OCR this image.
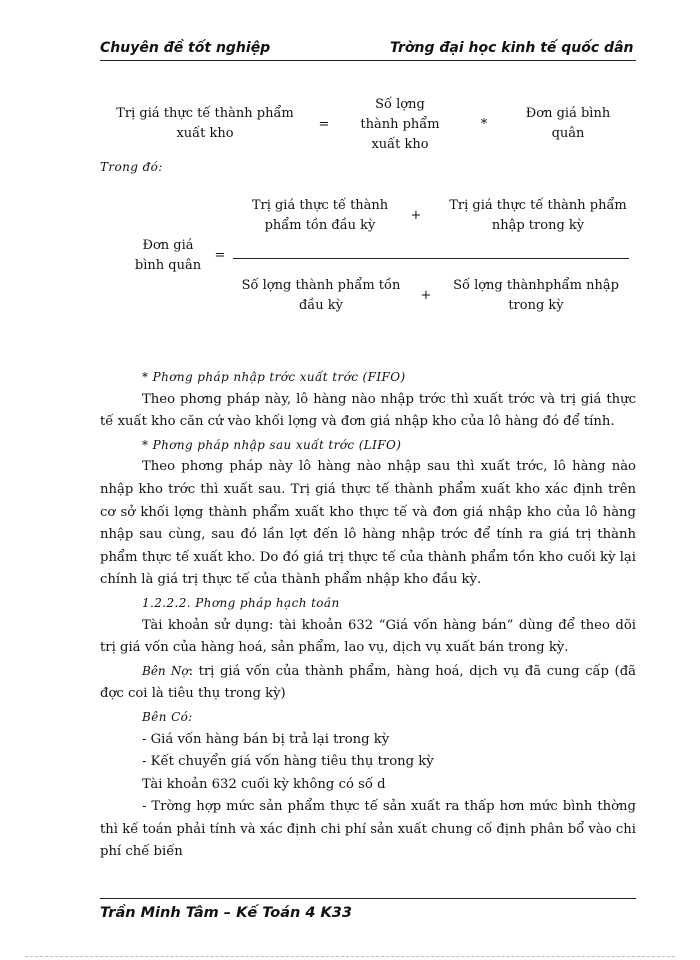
Chuyên đề tốt nghiệp	Trờng đại học kinh tế quốc dân
Trị giá thực tế thành phẩm
xuất kho
=
Số lợng
thành phẩm
xuất kho
*
Đơn giá bình
quân
Trong đó:
Đơn giá
bình quân
=
Trị giá thực tế thành
phẩm tồn đầu kỳ
+
Trị giá thực tế thành phẩm
nhập trong kỳ
Số lợng thành phẩm tồn
đầu kỳ
+
Số lợng thànhphẩm nhập
trong kỳ

* Phơng pháp nhập trớc xuất trớc (FIFO)

Theo phơng pháp này, lô hàng nào nhập trớc thì xuất trớc và trị giá thực tế xuất kho căn cứ vào khối lợng và đơn giá nhập kho của lô hàng đó để tính.

* Phơng pháp nhập sau xuất trớc (LIFO)

Theo phơng pháp này lô hàng nào nhập sau thì xuất trớc, lô hàng nào nhập kho trớc thì xuất sau. Trị giá thực tế thành phẩm xuất kho xác định trên cơ sở khối lợng thành phẩm xuất kho thực tế và đơn giá nhập kho của lô hàng nhập sau cùng, sau đó lần lợt đến lô hàng nhập trớc để tính ra giá trị thành phẩm thực tế xuất kho. Do đó giá trị thực tế của thành phẩm tồn kho cuối kỳ lại chính là giá trị thực tế của thành phẩm nhập kho đầu kỳ.

1.2.2.2. Phơng pháp hạch toán

Tài khoản sử dụng: tài khoản 632 “Giá vốn hàng bán” dùng để theo dõi trị giá vốn của hàng hoá, sản phẩm, lao vụ, dịch vụ xuất bán trong kỳ.

Bên Nợ: trị giá vốn của thành phẩm, hàng hoá, dịch vụ đã cung cấp (đã đợc coi là tiêu thụ trong kỳ)

Bên Có:

- Giá vốn hàng bán bị trả lại trong kỳ

- Kết chuyển giá vốn hàng tiêu thụ trong kỳ

Tài khoản 632 cuối kỳ không có số d

- Trờng hợp mức sản phẩm thực tế sản xuất ra thấp hơn mức bình thờng thì kế toán phải tính và xác định chi phí sản xuất chung cố định phân bổ vào chi phí chế biến

Trần Minh Tâm – Kế Toán 4 K33
